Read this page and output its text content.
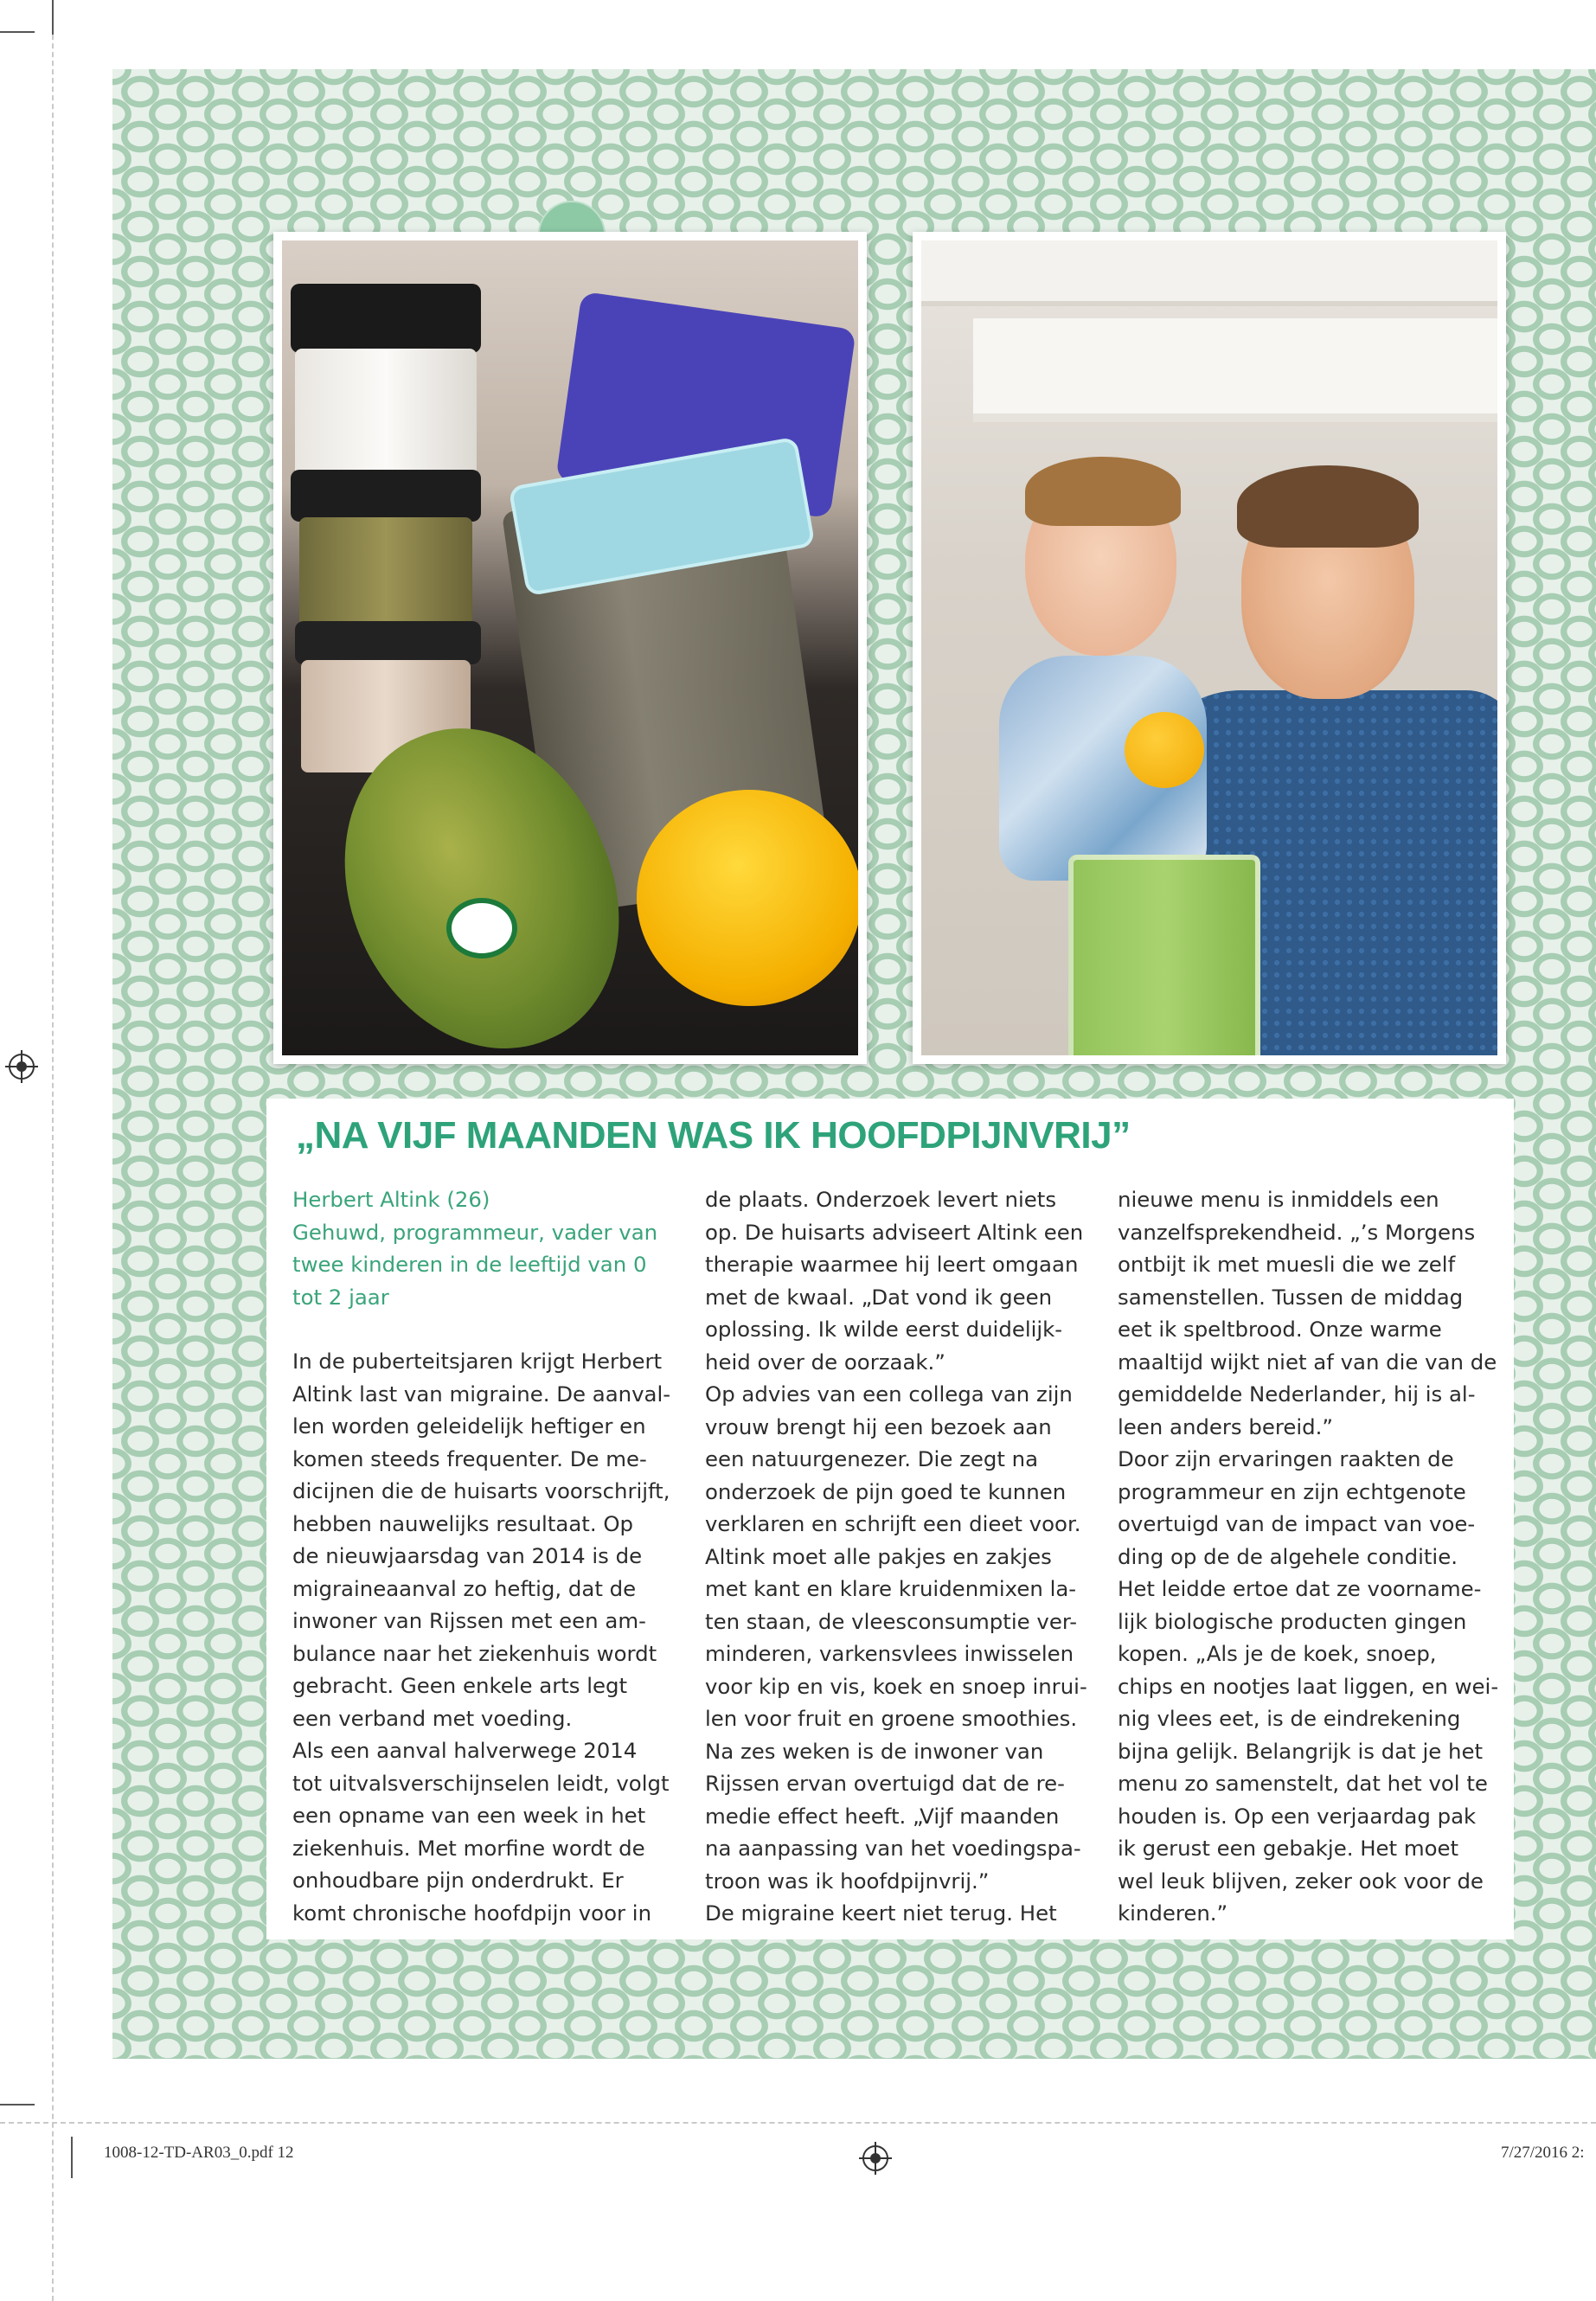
„NA VIJF MAANDEN WAS IK HOOFDPIJNVRIJ”

Herbert Altink (26)
Gehuwd, programmeur, vader van
twee kinderen in de leeftijd van 0
tot 2 jaar

In de puberteitsjaren krijgt Herbert
Altink last van migraine. De aanval-
len worden geleidelijk heftiger en
komen steeds frequenter. De me-
dicijnen die de huisarts voorschrijft,
hebben nauwelijks resultaat. Op
de nieuwjaarsdag van 2014 is de
migraineaanval zo heftig, dat de
inwoner van Rijssen met een am-
bulance naar het ziekenhuis wordt
gebracht. Geen enkele arts legt
een verband met voeding.
Als een aanval halverwege 2014
tot uitvalsverschijnselen leidt, volgt
een opname van een week in het
ziekenhuis. Met morfine wordt de
onhoudbare pijn onderdrukt. Er
komt chronische hoofdpijn voor in

de plaats. Onderzoek levert niets
op. De huisarts adviseert Altink een
therapie waarmee hij leert omgaan
met de kwaal. „Dat vond ik geen
oplossing. Ik wilde eerst duidelijk-
heid over de oorzaak.”
Op advies van een collega van zijn
vrouw brengt hij een bezoek aan
een natuurgenezer. Die zegt na
onderzoek de pijn goed te kunnen
verklaren en schrijft een dieet voor.
Altink moet alle pakjes en zakjes
met kant en klare kruidenmixen la-
ten staan, de vleesconsumptie ver-
minderen, varkensvlees inwisselen
voor kip en vis, koek en snoep inrui-
len voor fruit en groene smoothies.
Na zes weken is de inwoner van
Rijssen ervan overtuigd dat de re-
medie effect heeft. „Vijf maanden
na aanpassing van het voedingspa-
troon was ik hoofdpijnvrij.”
De migraine keert niet terug. Het

nieuwe menu is inmiddels een
vanzelfsprekendheid. „’s Morgens
ontbijt ik met muesli die we zelf
samenstellen. Tussen de middag
eet ik speltbrood. Onze warme
maaltijd wijkt niet af van die van de
gemiddelde Nederlander, hij is al-
leen anders bereid.”
Door zijn ervaringen raakten de
programmeur en zijn echtgenote
overtuigd van de impact van voe-
ding op de de algehele conditie.
Het leidde ertoe dat ze voorname-
lijk biologische producten gingen
kopen. „Als je de koek, snoep,
chips en nootjes laat liggen, en wei-
nig vlees eet, is de eindrekening
bijna gelijk. Belangrijk is dat je het
menu zo samenstelt, dat het vol te
houden is. Op een verjaardag pak
ik gerust een gebakje. Het moet
wel leuk blijven, zeker ook voor de
kinderen.”

1008-12-TD-AR03_0.pdf 12	7/27/2016 2:
